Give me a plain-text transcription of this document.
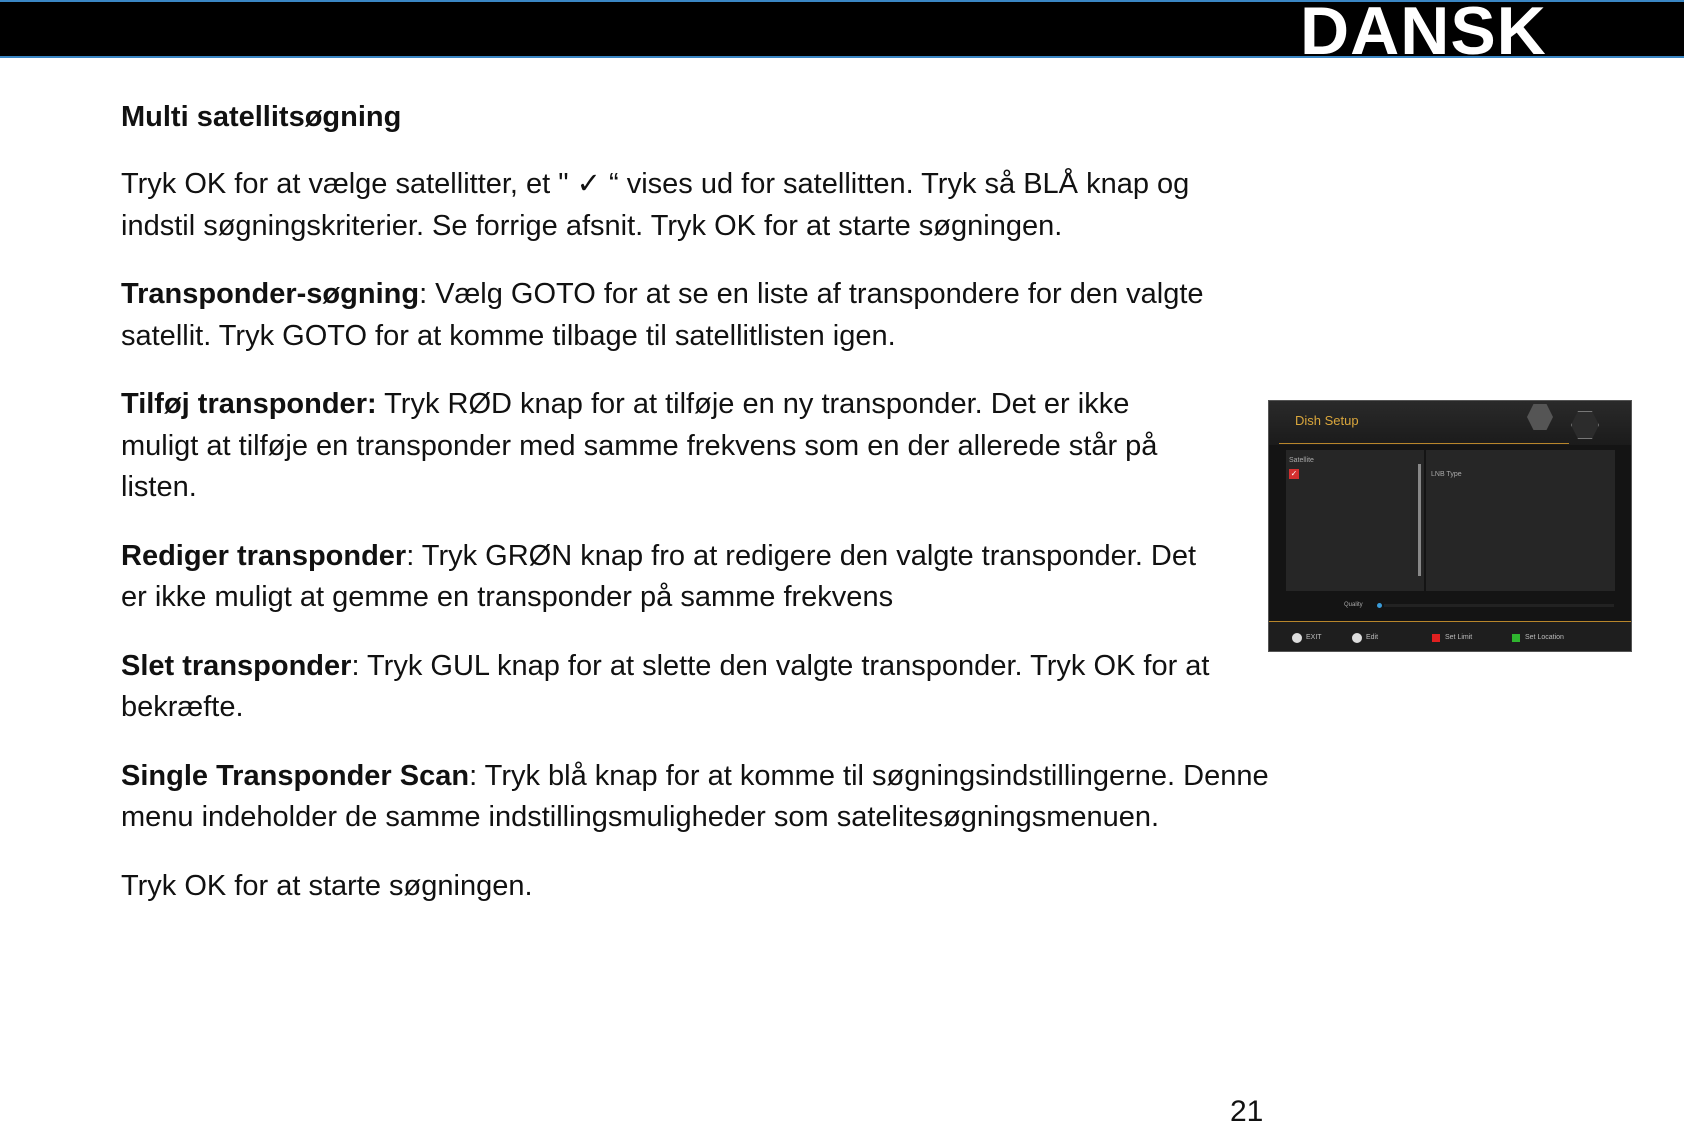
DANSK
Multi satellitsøgning

Tryk OK for at vælge satellitter, et " ✓ “ vises ud for satellitten. Tryk så BLÅ knap og indstil søgningskriterier. Se forrige afsnit. Tryk OK for at starte søgningen.

Transponder-søgning: Vælg GOTO for at se en liste af transpondere for den valgte satellit. Tryk GOTO for at komme tilbage til satellitlisten igen.

Tilføj transponder: Tryk RØD knap for at tilføje en ny transponder. Det er ikke muligt at tilføje en transponder med samme frekvens som en der allerede står på listen.

Rediger transponder: Tryk GRØN knap fro at redigere den valgte transponder. Det er ikke muligt at gemme en transponder på samme frekvens

Slet transponder: Tryk GUL knap for at slette den valgte transponder. Tryk OK for at bekræfte.

Single Transponder Scan: Tryk blå knap for at komme til søgningsindstillingerne. Denne menu indeholder de samme indstillingsmuligheder som satelitesøgningsmenuen.

Tryk OK for at starte søgningen.

Dish Setup
Satellite
✓	LNB Type
Quality
EXIT	Edit	Set Limit	Set Location
21
